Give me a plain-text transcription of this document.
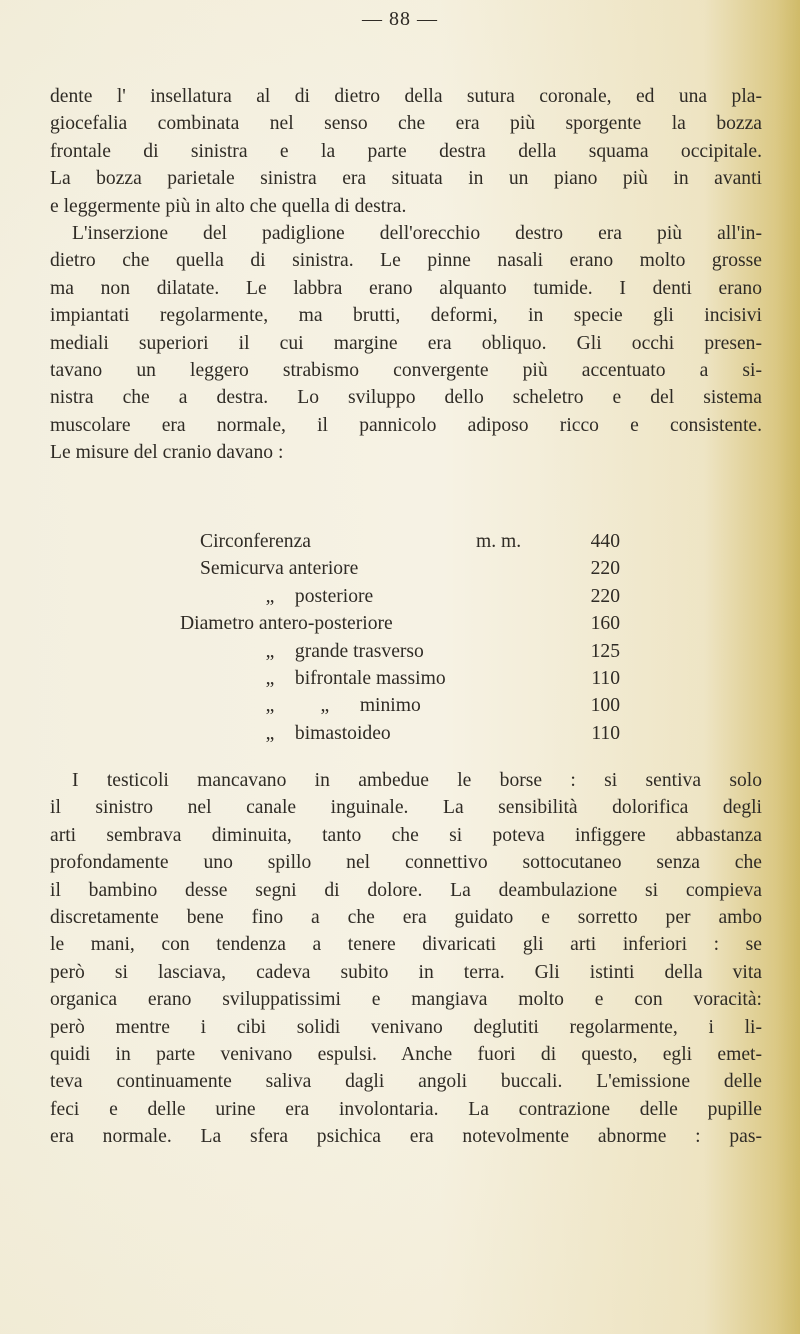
— 88 —
dente l' insellatura al di dietro della sutura coronale, ed una pla-
giocefalia combinata nel senso che era più sporgente la bozza
frontale di sinistra e la parte destra della squama occipitale.
La bozza parietale sinistra era situata in un piano più in avanti
e leggermente più in alto che quella di destra.
L'inserzione del padiglione dell'orecchio destro era più all'in-
dietro che quella di sinistra. Le pinne nasali erano molto grosse
ma non dilatate. Le labbra erano alquanto tumide. I denti erano
impiantati regolarmente, ma brutti, deformi, in specie gli incisivi
mediali superiori il cui margine era obliquo. Gli occhi presen-
tavano un leggero strabismo convergente più accentuato a si-
nistra che a destra. Lo sviluppo dello scheletro e del sistema
muscolare era normale, il pannicolo adiposo ricco e consistente.
Le misure del cranio davano :
Circonferenza	m. m.	440
Semicurva anteriore	220
„ posteriore	220
Diametro antero-posteriore	160
„ grande trasverso	125
„ bifrontale massimo	110
„ „ minimo	100
„ bimastoideo	110
I testicoli mancavano in ambedue le borse : si sentiva solo
il sinistro nel canale inguinale. La sensibilità dolorifica degli
arti sembrava diminuita, tanto che si poteva infiggere abbastanza
profondamente uno spillo nel connettivo sottocutaneo senza che
il bambino desse segni di dolore. La deambulazione si compieva
discretamente bene fino a che era guidato e sorretto per ambo
le mani, con tendenza a tenere divaricati gli arti inferiori : se
però si lasciava, cadeva subito in terra. Gli istinti della vita
organica erano sviluppatissimi e mangiava molto e con voracità:
però mentre i cibi solidi venivano deglutiti regolarmente, i li-
quidi in parte venivano espulsi. Anche fuori di questo, egli emet-
teva continuamente saliva dagli angoli buccali. L'emissione delle
feci e delle urine era involontaria. La contrazione delle pupille
era normale. La sfera psichica era notevolmente abnorme : pas-
